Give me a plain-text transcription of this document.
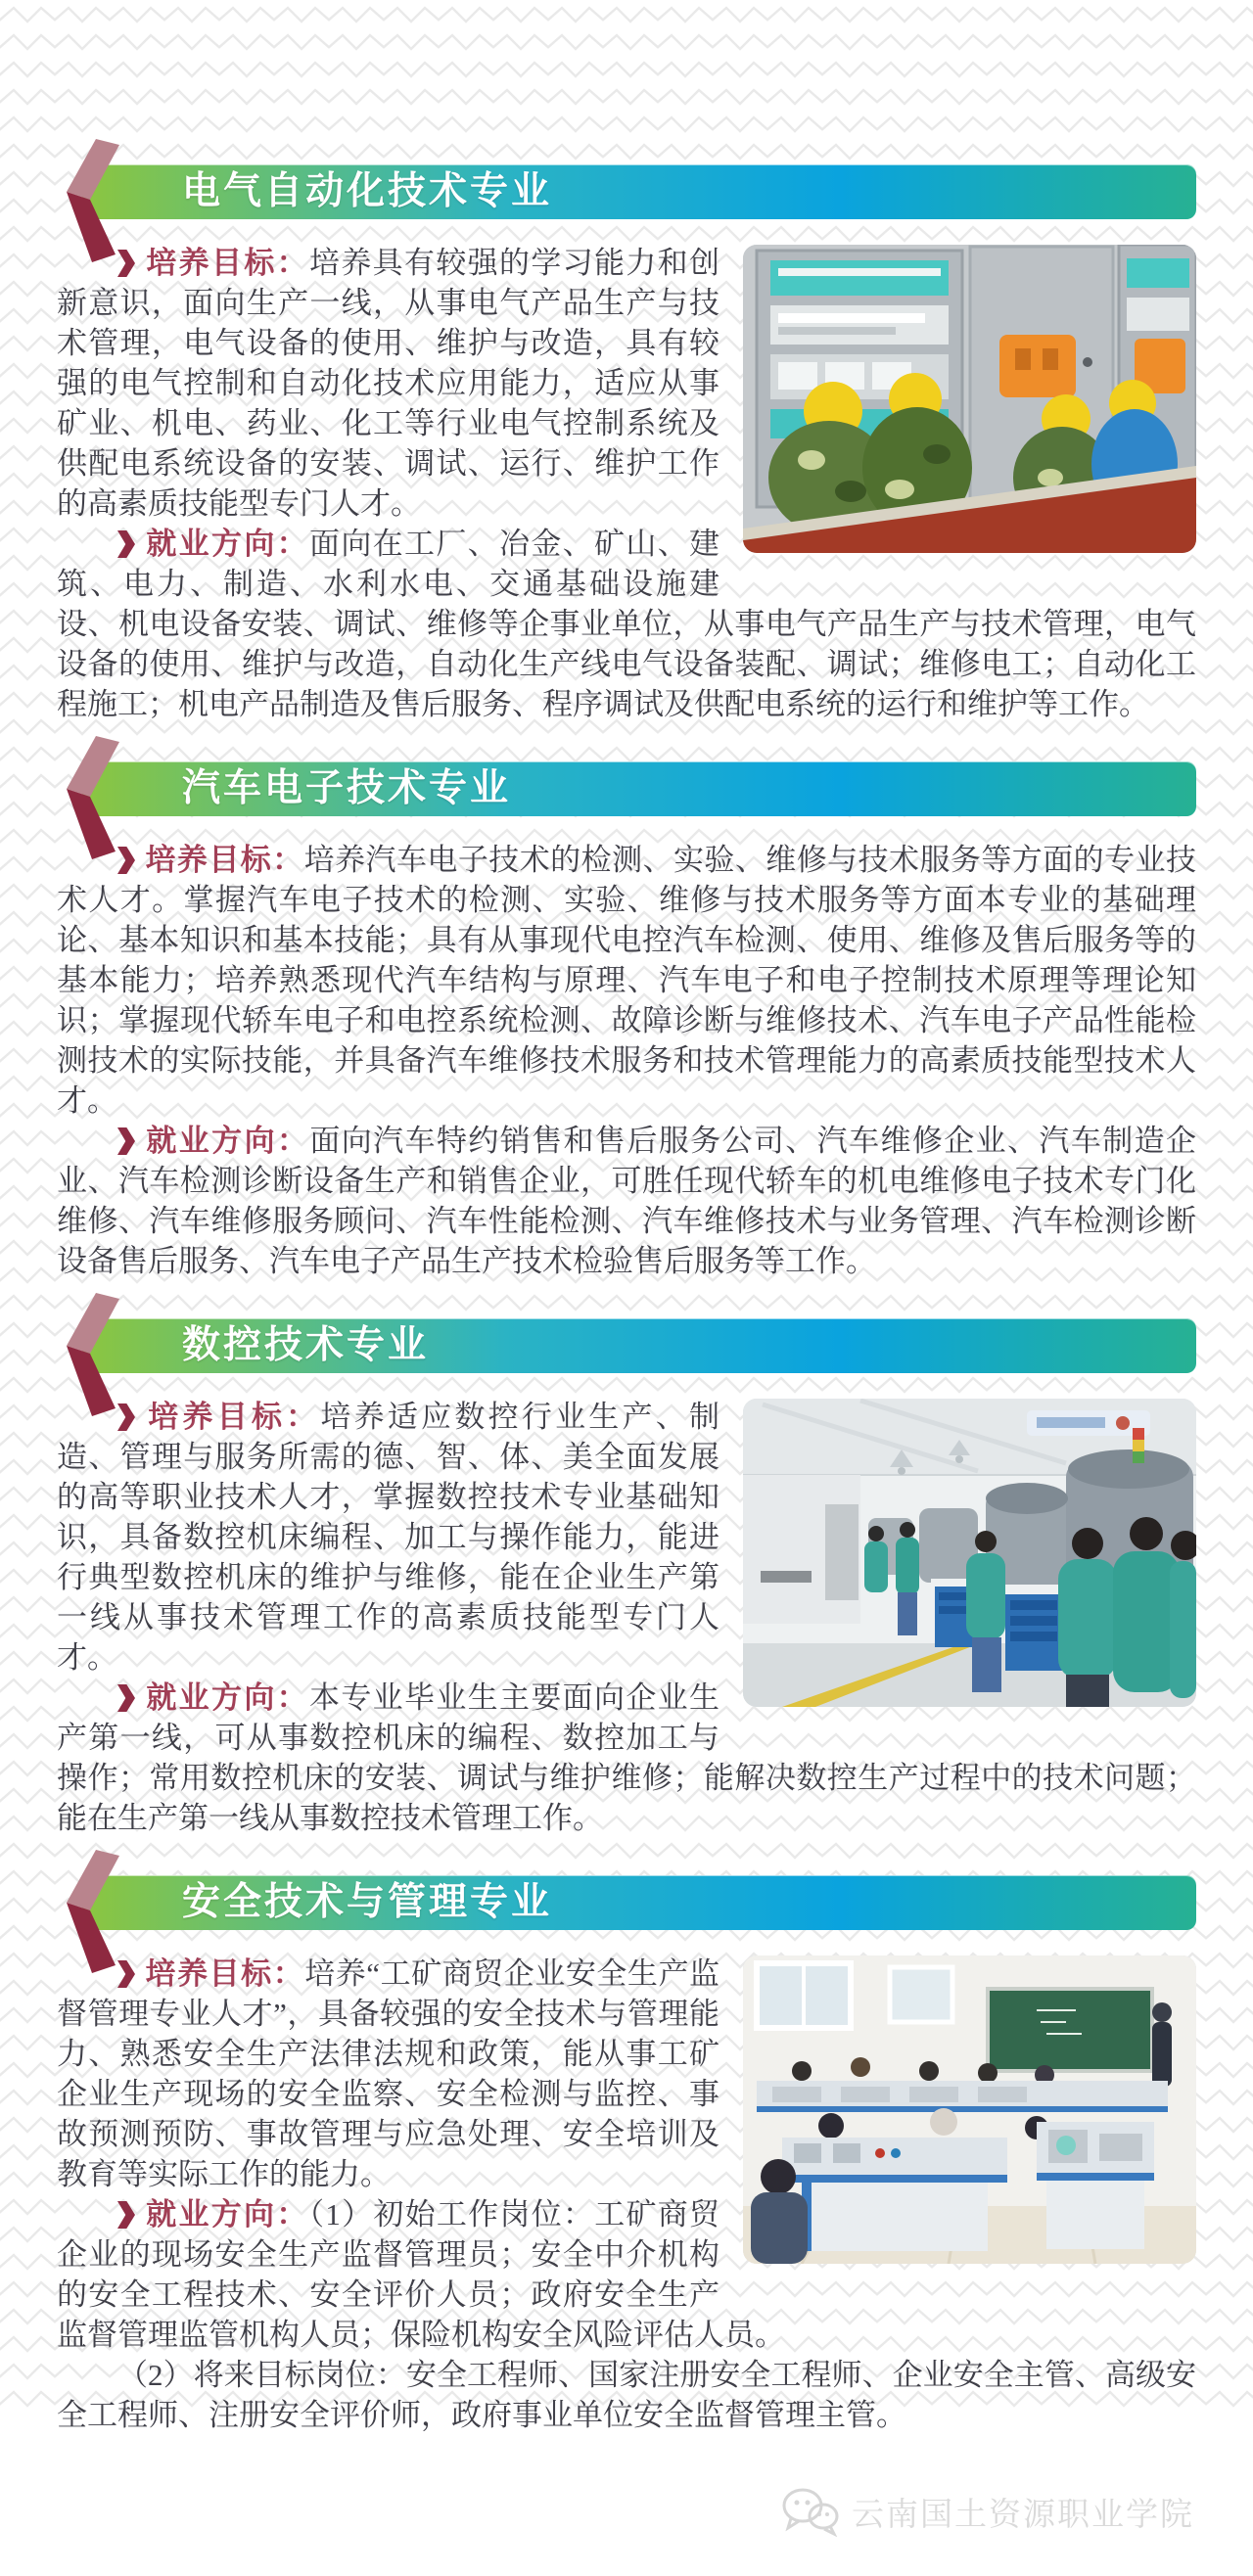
电气自动化技术专业

培养目标：培养具有较强的学习能力和创新意识，面向生产一线，从事电气产品生产与技术管理，电气设备的使用、维护与改造，具有较强的电气控制和自动化技术应用能力，适应从事矿业、机电、药业、化工等行业电气控制系统及供配电系统设备的安装、调试、运行、维护工作的高素质技能型专门人才。

就业方向：面向在工厂、冶金、矿山、建筑、电力、制造、水利水电、交通基础设施建设、机电设备安装、调试、维修等企事业单位，从事电气产品生产与技术管理，电气设备的使用、维护与改造，自动化生产线电气设备装配、调试；维修电工；自动化工程施工；机电产品制造及售后服务、程序调试及供配电系统的运行和维护等工作。

汽车电子技术专业

培养目标：培养汽车电子技术的检测、实验、维修与技术服务等方面的专业技术人才。掌握汽车电子技术的检测、实验、维修与技术服务等方面本专业的基础理论、基本知识和基本技能；具有从事现代电控汽车检测、使用、维修及售后服务等的基本能力；培养熟悉现代汽车结构与原理、汽车电子和电子控制技术原理等理论知识；掌握现代轿车电子和电控系统检测、故障诊断与维修技术、汽车电子产品性能检测技术的实际技能，并具备汽车维修技术服务和技术管理能力的高素质技能型技术人才。

就业方向：面向汽车特约销售和售后服务公司、汽车维修企业、汽车制造企业、汽车检测诊断设备生产和销售企业，可胜任现代轿车的机电维修电子技术专门化维修、汽车维修服务顾问、汽车性能检测、汽车维修技术与业务管理、汽车检测诊断设备售后服务、汽车电子产品生产技术检验售后服务等工作。

数控技术专业

培养目标：培养适应数控行业生产、制造、管理与服务所需的德、智、体、美全面发展的高等职业技术人才，掌握数控技术专业基础知识，具备数控机床编程、加工与操作能力，能进行典型数控机床的维护与维修，能在企业生产第一线从事技术管理工作的高素质技能型专门人才。

就业方向：本专业毕业生主要面向企业生产第一线，可从事数控机床的编程、数控加工与操作；常用数控机床的安装、调试与维护维修；能解决数控生产过程中的技术问题；能在生产第一线从事数控技术管理工作。

安全技术与管理专业

培养目标：培养“工矿商贸企业安全生产监督管理专业人才”，具备较强的安全技术与管理能力、熟悉安全生产法律法规和政策，能从事工矿企业生产现场的安全监察、安全检测与监控、事故预测预防、事故管理与应急处理、安全培训及教育等实际工作的能力。

就业方向：（1）初始工作岗位：工矿商贸企业的现场安全生产监督管理员；安全中介机构的安全工程技术、安全评价人员；政府安全生产监督管理监管机构人员；保险机构安全风险评估人员。

（2）将来目标岗位：安全工程师、国家注册安全工程师、企业安全主管、高级安全工程师、注册安全评价师，政府事业单位安全监督管理主管。

云南国土资源职业学院
